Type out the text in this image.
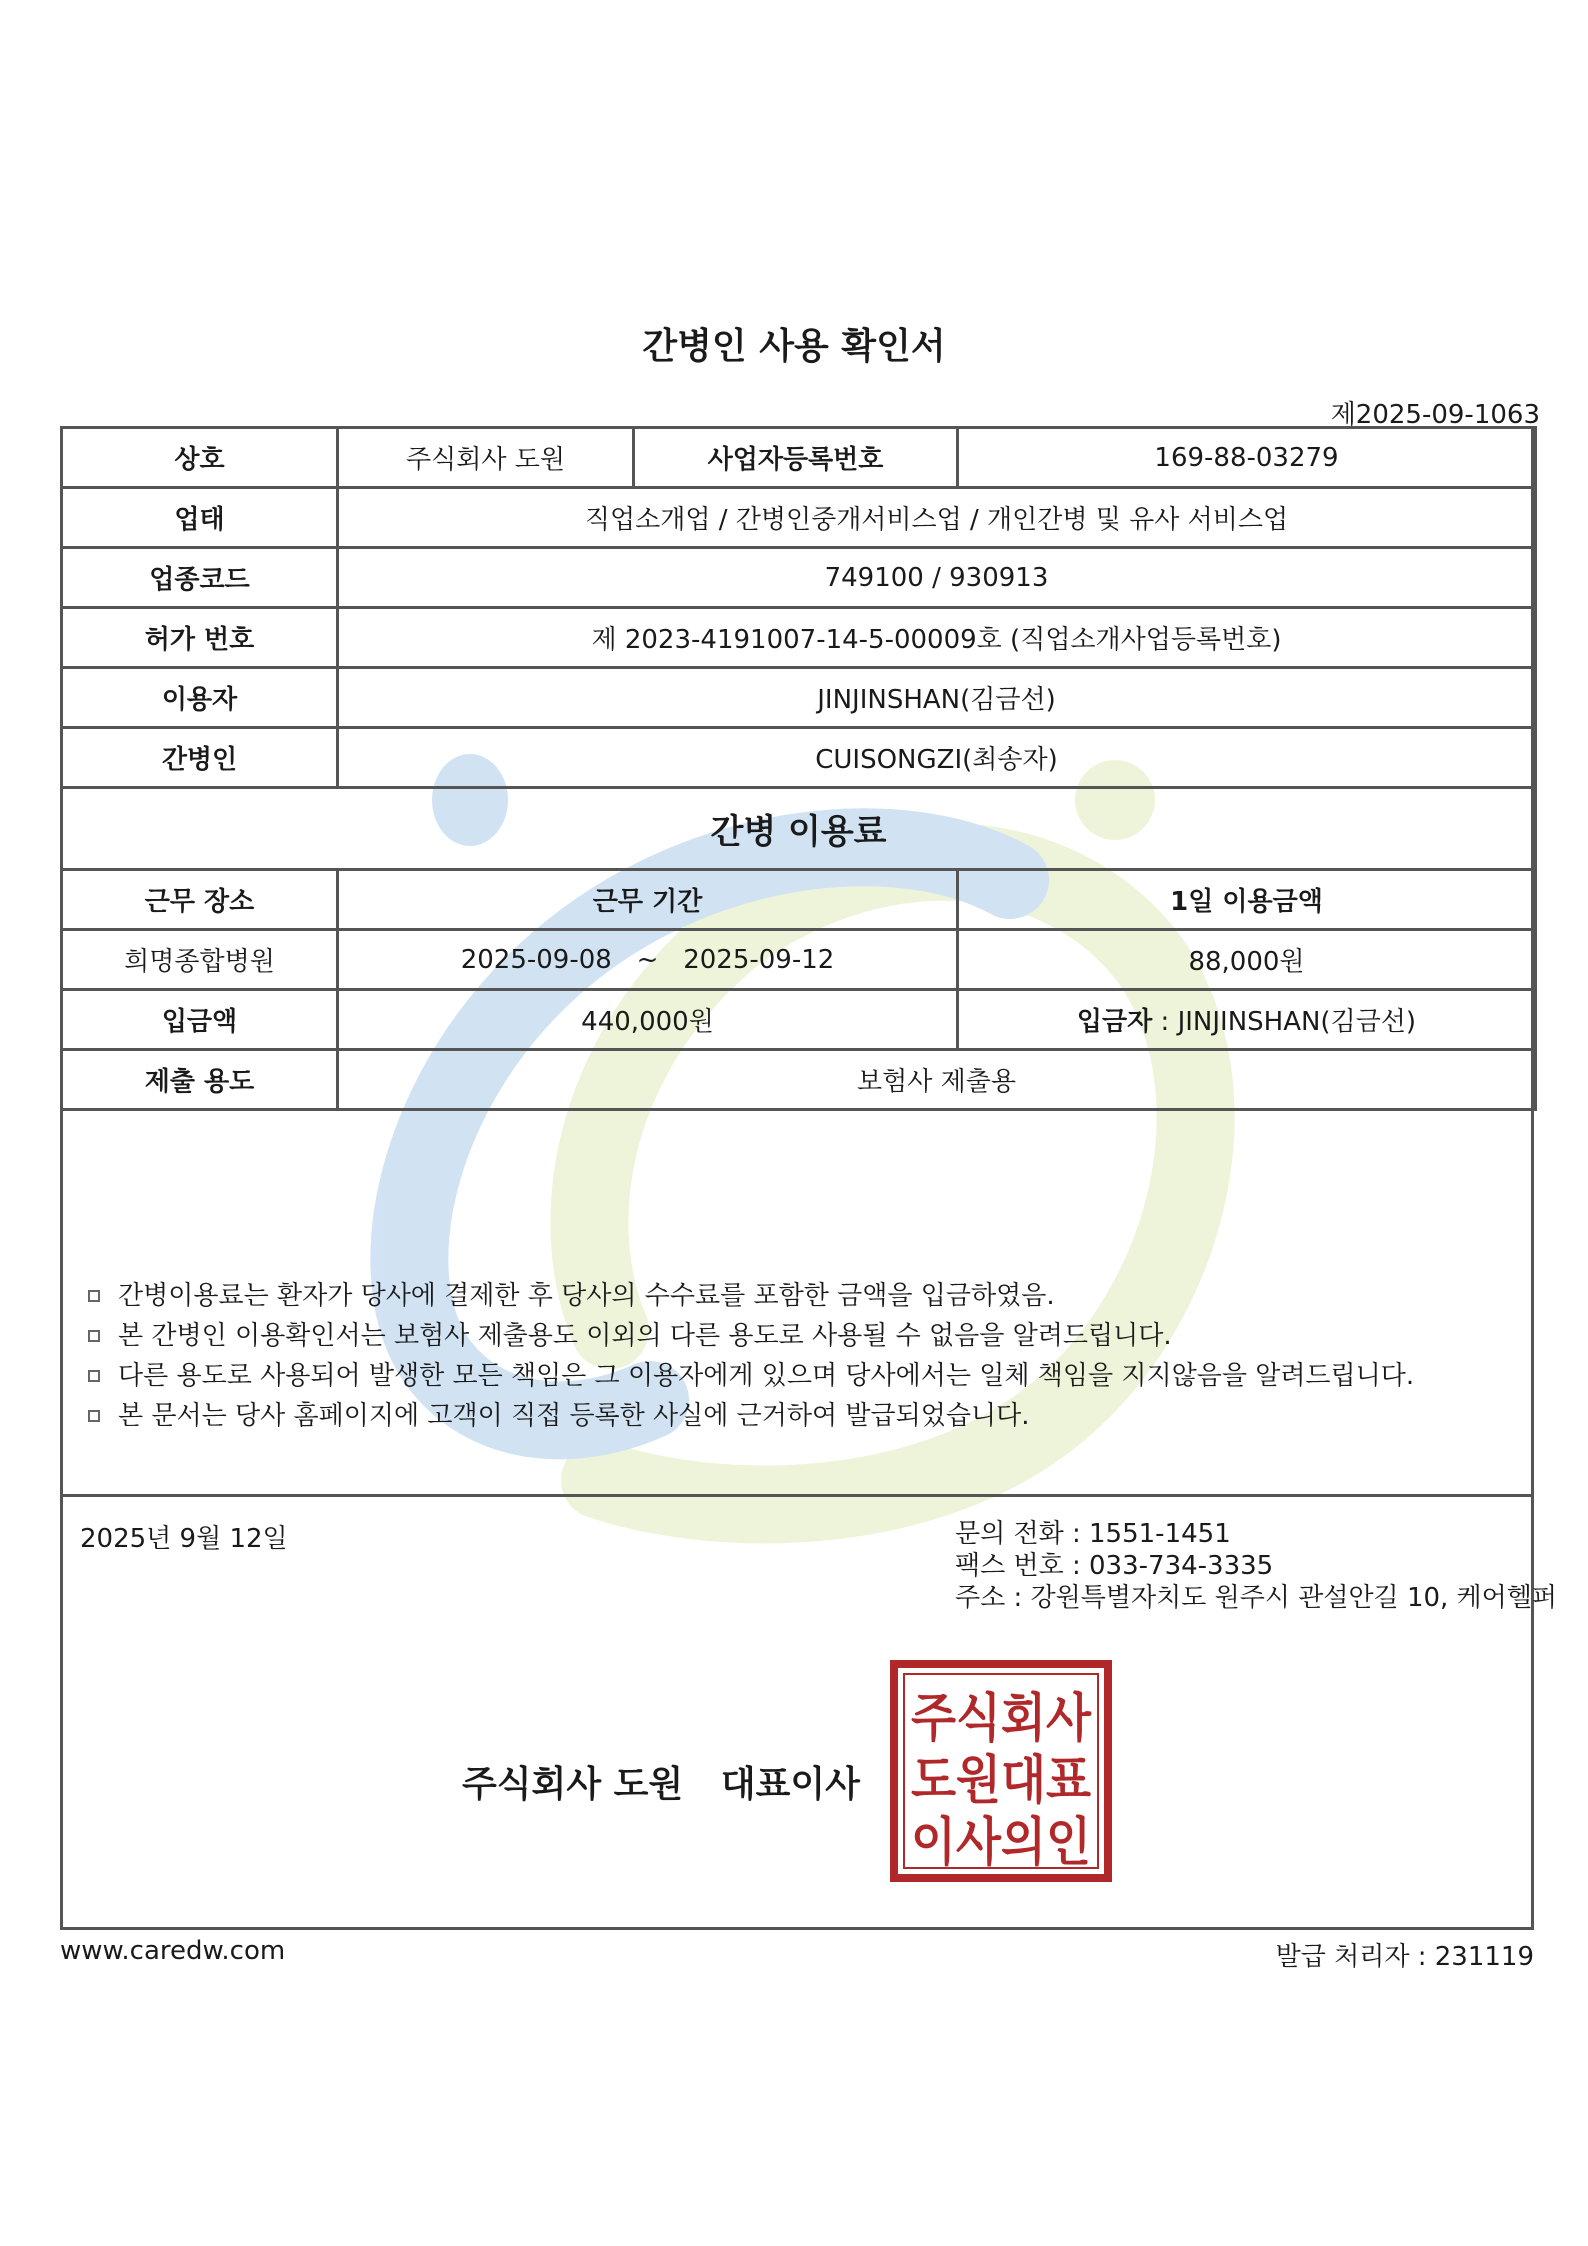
간병인 사용 확인서
제2025-09-1063
상호	주식회사 도원	사업자등록번호	169-88-03279
업태	직업소개업 / 간병인중개서비스업 / 개인간병 및 유사 서비스업		
업종코드	749100 / 930913		
허가 번호	제 2023-4191007-14-5-00009호 (직업소개사업등록번호)		
이용자	JINJINSHAN(김금선)		
간병인	CUISONGZI(최송자)		
간병 이용료			
근무 장소	근무 기간		1일 이용금액
희명종합병원	2025-09-08 ~ 2025-09-12		88,000원
입금액	440,000원		입금자 : JINJINSHAN(김금선)
제출 용도	보험사 제출용		
간병이용료는 환자가 당사에 결제한 후 당사의 수수료를 포함한 금액을 입금하였음.
본 간병인 이용확인서는 보험사 제출용도 이외의 다른 용도로 사용될 수 없음을 알려드립니다.
다른 용도로 사용되어 발생한 모든 책임은 그 이용자에게 있으며 당사에서는 일체 책임을 지지않음을 알려드립니다.
본 문서는 당사 홈페이지에 고객이 직접 등록한 사실에 근거하여 발급되었습니다.
2025년 9월 12일	문의 전화 : 1551-1451
팩스 번호 : 033-734-3335
주소 : 강원특별자치도 원주시 관설안길 10, 케어헬퍼
주식회사 도원 대표이사
주식회사
도원대표
이사의인
www.caredw.com	발급 처리자 : 231119
